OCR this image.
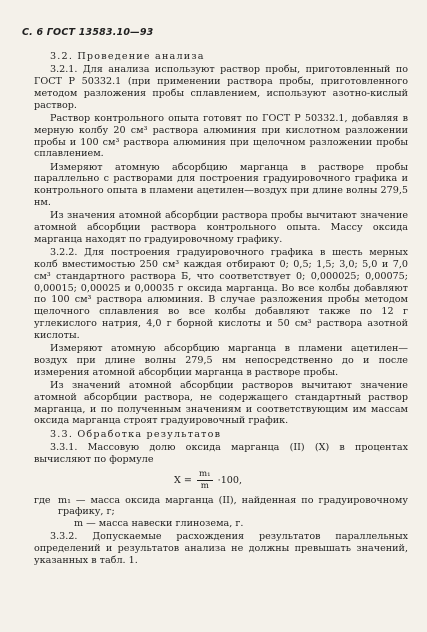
С. 6 ГОСТ 13583.10—93

3.2. Проведение анализа

3.2.1. Для анализа используют раствор пробы, приготовленный по ГОСТ Р 50332.1 (при применении раствора пробы, приготовленного методом разложения пробы сплавлением, используют азотно-кислый раствор.

Раствор контрольного опыта готовят по ГОСТ Р 50332.1, добавляя в мерную колбу 20 см³ раствора алюминия при кислотном разложении пробы и 100 см³ раствора алюминия при щелочном разложении пробы сплавлением.

Измеряют атомную абсорбцию марганца в растворе пробы параллельно с растворами для построения градуировочного графика и контрольного опыта в пламени ацетилен—воздух при длине волны 279,5 нм.

Из значения атомной абсорбции раствора пробы вычитают значение атомной абсорбции раствора контрольного опыта. Массу оксида марганца находят по градуировочному графику.

3.2.2. Для построения градуировочного графика в шесть мерных колб вместимостью 250 см³ каждая отбирают 0; 0,5; 1,5; 3,0; 5,0 и 7,0 см³ стандартного раствора Б, что соответствует 0; 0,000025; 0,00075; 0,00015; 0,00025 и 0,00035 г оксида марганца. Во все колбы добавляют по 100 см³ раствора алюминия. В случае разложения пробы методом щелочного сплавления во все колбы добавляют также по 12 г углекислого натрия, 4,0 г борной кислоты и 50 см³ раствора азотной кислоты.

Измеряют атомную абсорбцию марганца в пламени ацетилен—воздух при длине волны 279,5 нм непосредственно до и после измерения атомной абсорбции марганца в растворе пробы.

Из значений атомной абсорбции растворов вычитают значение атомной абсорбции раствора, не содержащего стандартный раствор марганца, и по полученным значениям и соответствующим им массам оксида марганца строят градуировочный график.

3.3. Обработка результатов

3.3.1. Массовую долю оксида марганца (II) (X) в процентах вычисляют по формуле

$X = \frac{\text{m₁}}{m} \cdot 100$,
где m₁ — масса оксида марганца (II), найденная по градуировочному графику, г;

m — масса навески глинозема, г.

3.3.2. Допускаемые расхождения результатов параллельных определений и результатов анализа не должны превышать значений, указанных в табл. 1.
